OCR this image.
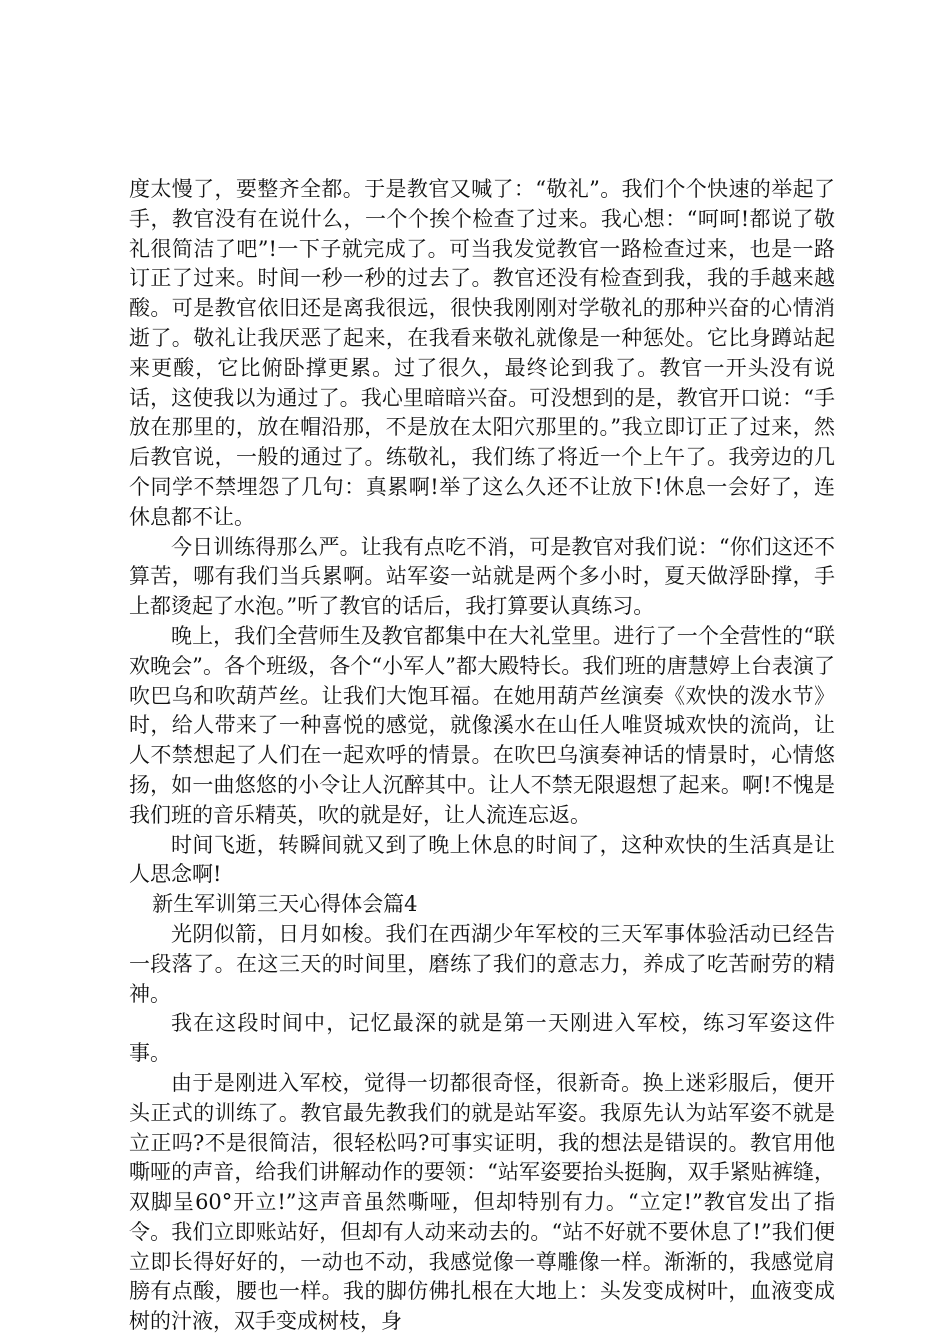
度太慢了，要整齐全都。于是教官又喊了：“敬礼”。我们个个快速的举起了手，教官没有在说什么，一个个挨个检查了过来。我心想：“呵呵!都说了敬礼很简洁了吧”!一下子就完成了。可当我发觉教官一路检查过来，也是一路订正了过来。时间一秒一秒的过去了。教官还没有检查到我，我的手越来越酸。可是教官依旧还是离我很远，很快我刚刚对学敬礼的那种兴奋的心情消逝了。敬礼让我厌恶了起来，在我看来敬礼就像是一种惩处。它比身蹲站起来更酸，它比俯卧撑更累。过了很久，最终论到我了。教官一开头没有说话，这使我以为通过了。我心里暗暗兴奋。可没想到的是，教官开口说：“手放在那里的，放在帽沿那，不是放在太阳穴那里的。”我立即订正了过来，然后教官说，一般的通过了。练敬礼，我们练了将近一个上午了。我旁边的几个同学不禁埋怨了几句：真累啊!举了这么久还不让放下!休息一会好了，连休息都不让。

今日训练得那么严。让我有点吃不消，可是教官对我们说：“你们这还不算苦，哪有我们当兵累啊。站军姿一站就是两个多小时，夏天做浮卧撑，手上都烫起了水泡。”听了教官的话后，我打算要认真练习。

晚上，我们全营师生及教官都集中在大礼堂里。进行了一个全营性的“联欢晚会”。各个班级，各个“小军人”都大殿特长。我们班的唐慧婷上台表演了吹巴乌和吹葫芦丝。让我们大饱耳福。在她用葫芦丝演奏《欢快的泼水节》时，给人带来了一种喜悦的感觉，就像溪水在山任人唯贤城欢快的流尚，让人不禁想起了人们在一起欢呼的情景。在吹巴乌演奏神话的情景时，心情悠扬，如一曲悠悠的小令让人沉醉其中。让人不禁无限遐想了起来。啊!不愧是我们班的音乐精英，吹的就是好，让人流连忘返。

时间飞逝，转瞬间就又到了晚上休息的时间了，这种欢快的生活真是让人思念啊!

新生军训第三天心得体会篇4

光阴似箭，日月如梭。我们在西湖少年军校的三天军事体验活动已经告一段落了。在这三天的时间里，磨练了我们的意志力，养成了吃苦耐劳的精神。

我在这段时间中，记忆最深的就是第一天刚进入军校，练习军姿这件事。

由于是刚进入军校，觉得一切都很奇怪，很新奇。换上迷彩服后，便开头正式的训练了。教官最先教我们的就是站军姿。我原先认为站军姿不就是立正吗?不是很简洁，很轻松吗?可事实证明，我的想法是错误的。教官用他嘶哑的声音，给我们讲解动作的要领：“站军姿要抬头挺胸，双手紧贴裤缝，双脚呈60°开立!”这声音虽然嘶哑，但却特别有力。“立定!”教官发出了指令。我们立即账站好，但却有人动来动去的。“站不好就不要休息了!”我们便立即长得好好的，一动也不动，我感觉像一尊雕像一样。渐渐的，我感觉肩膀有点酸，腰也一样。我的脚仿佛扎根在大地上：头发变成树叶，血液变成树的汁液，双手变成树枝，身
